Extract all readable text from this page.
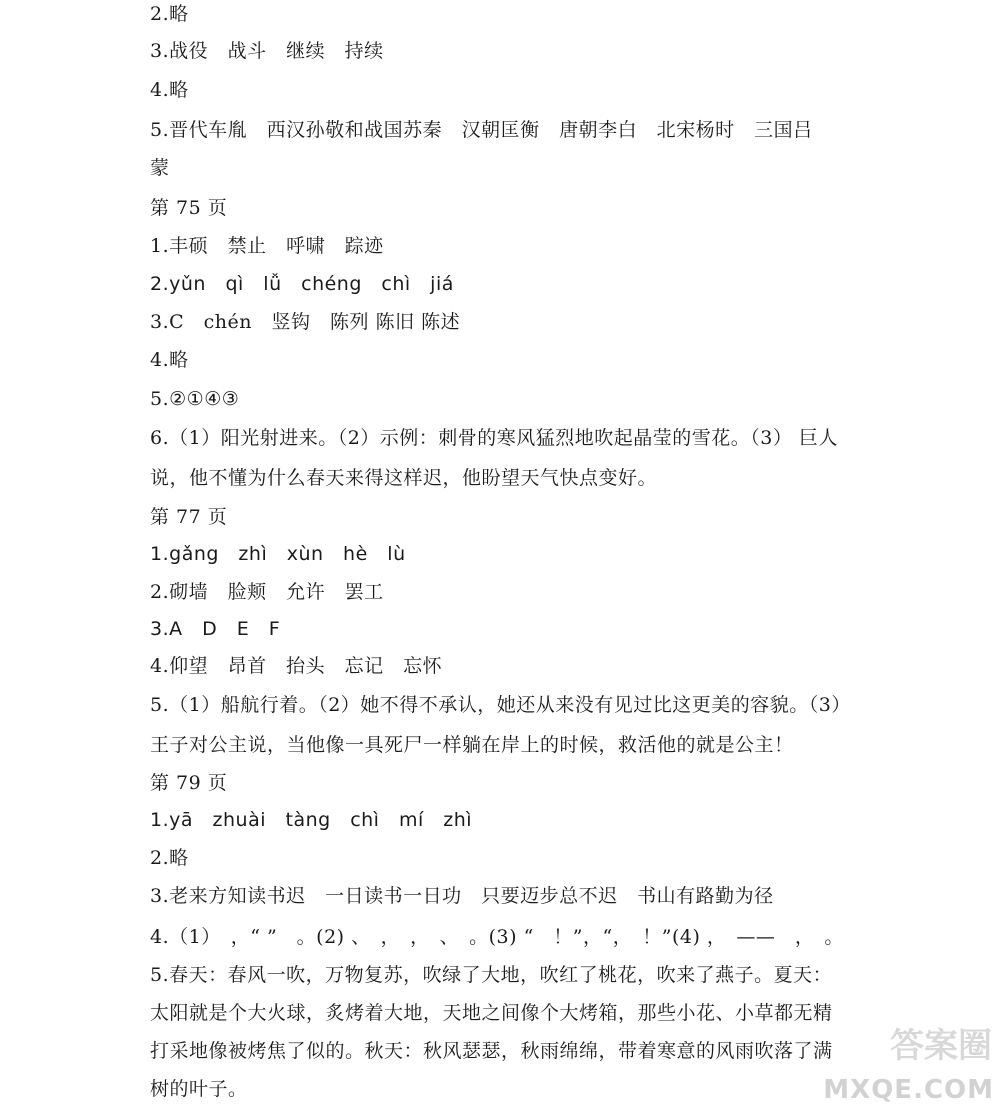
2.略
3.战役　战斗　继续　持续
4.略
5.晋代车胤　西汉孙敬和战国苏秦　汉朝匡衡　唐朝李白　北宋杨时　三国吕
蒙
第 75 页
1.丰硕　禁止　呼啸　踪迹
2.yǔn　qì　lǚ　chéng　chì　jiá
3.C　chén　竖钩　陈列 陈旧 陈述
4.略
5.②①④③
6.（1）阳光射进来。（2）示例：刺骨的寒风猛烈地吹起晶莹的雪花。（3） 巨人
说，他不懂为什么春天来得这样迟，他盼望天气快点变好。
第 77 页
1.gǎng　zhì　xùn　hè　lù
2.砌墙　脸颊　允许　罢工
3.A　D　E　F
4.仰望　昂首　抬头　忘记　忘怀
5.（1）船航行着。（2）她不得不承认，她还从来没有见过比这更美的容貌。（3）
王子对公主说，当他像一具死尸一样躺在岸上的时候，救活他的就是公主！
第 79 页
1.yā　zhuài　tàng　chì　mí　zhì
2.略
3.老来方知读书迟　一日读书一日功　只要迈步总不迟　书山有路勤为径
4.（1）　，“ ”　。(2) 、　，　，　、　。(3) “　！”，“，　！”(4) ，　——　，　。
5.春天：春风一吹，万物复苏，吹绿了大地，吹红了桃花，吹来了燕子。夏天：
太阳就是个大火球，炙烤着大地，天地之间像个大烤箱，那些小花、小草都无精
打采地像被烤焦了似的。秋天：秋风瑟瑟，秋雨绵绵，带着寒意的风雨吹落了满
树的叶子。
答案圈
MXQE.COM
